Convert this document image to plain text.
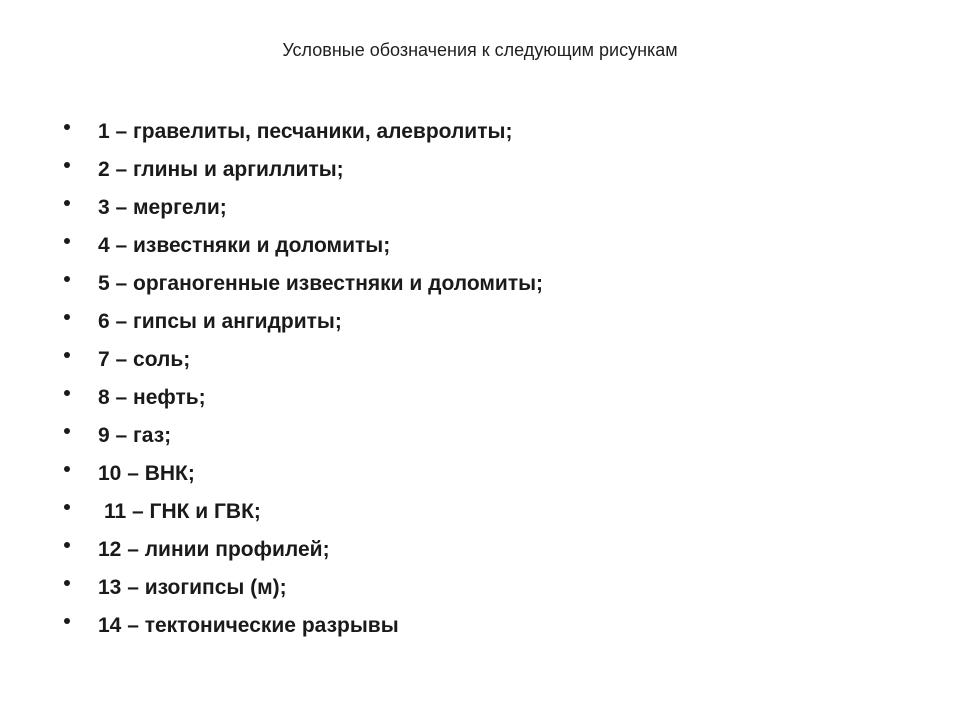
Условные обозначения к следующим рисункам
1 – гравелиты, песчаники, алевролиты;
2 – глины и аргиллиты;
3 – мергели;
4 – известняки и доломиты;
5 – органогенные известняки и доломиты;
6 – гипсы и ангидриты;
7 – соль;
8 – нефть;
9 – газ;
10 – ВНК;
11 – ГНК и ГВК;
12 – линии профилей;
13 – изогипсы (м);
14 – тектонические разрывы
